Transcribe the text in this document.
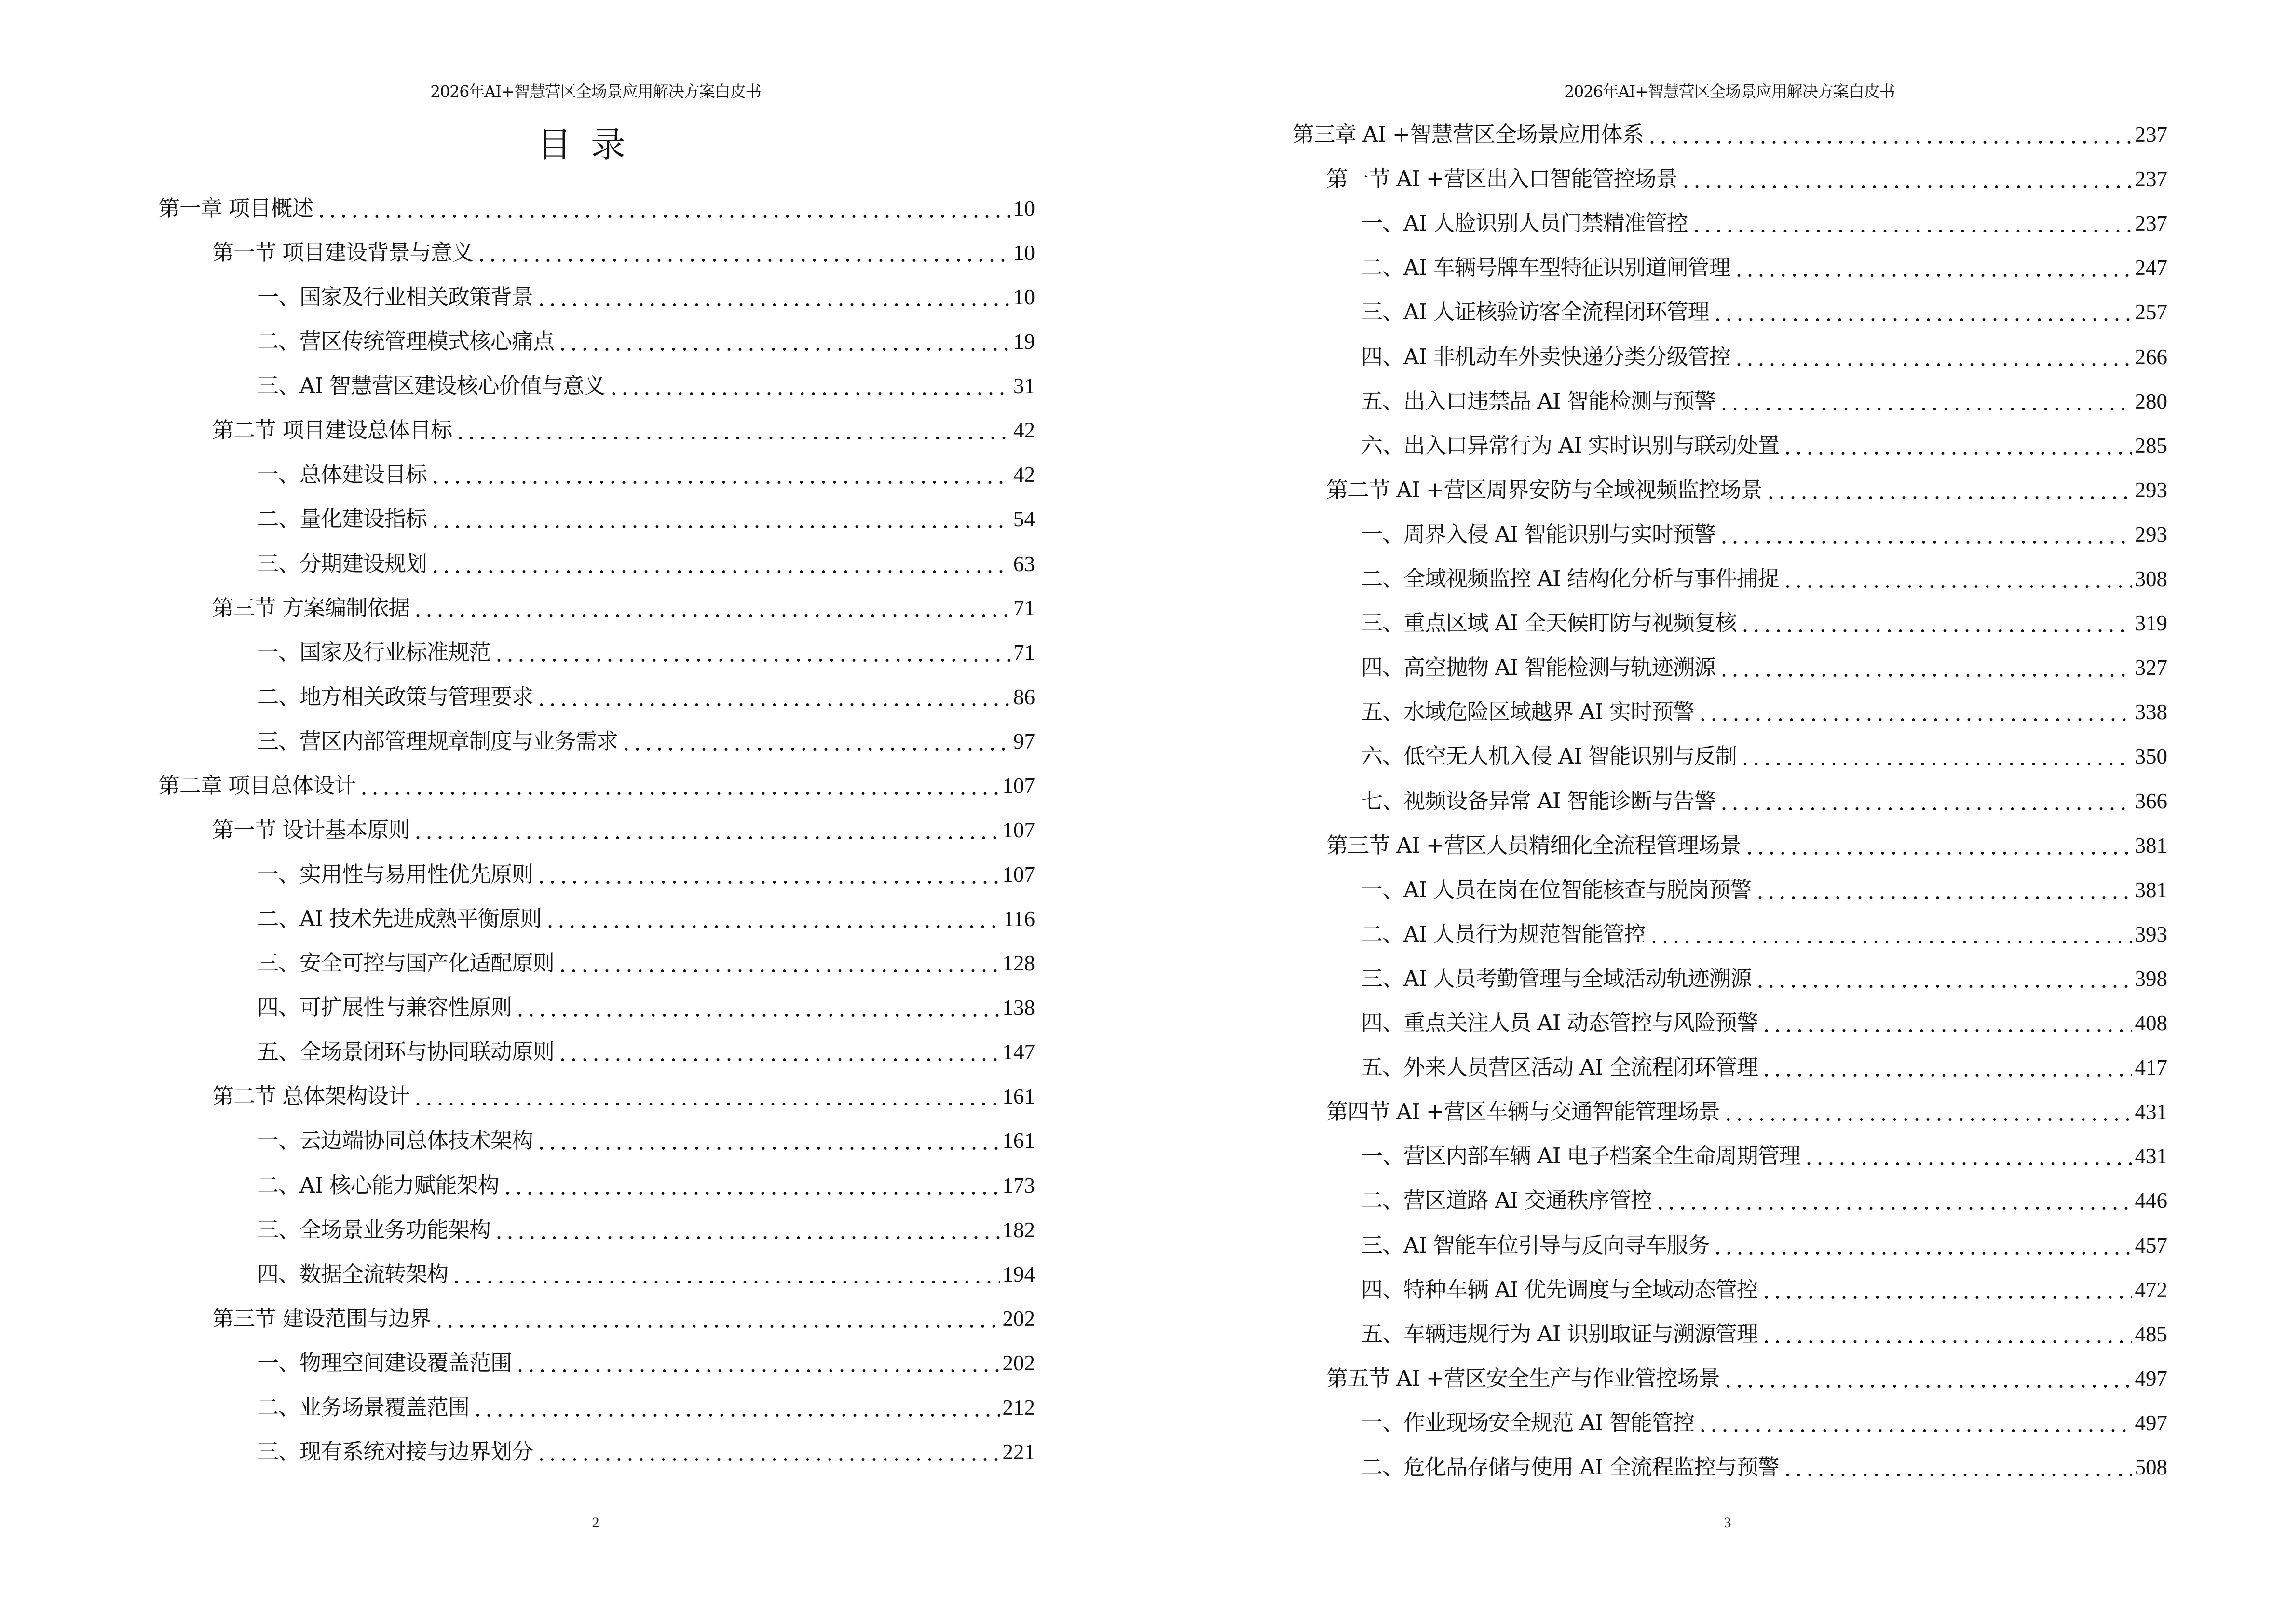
2026年AI+智慧营区全场景应用解决方案白皮书
目录
第一章 项目概述	10
第一节 项目建设背景与意义	10
一、国家及行业相关政策背景	10
二、营区传统管理模式核心痛点	19
三、AI 智慧营区建设核心价值与意义	31
第二节 项目建设总体目标	42
一、总体建设目标	42
二、量化建设指标	54
三、分期建设规划	63
第三节 方案编制依据	71
一、国家及行业标准规范	71
二、地方相关政策与管理要求	86
三、营区内部管理规章制度与业务需求	97
第二章 项目总体设计	107
第一节 设计基本原则	107
一、实用性与易用性优先原则	107
二、AI 技术先进成熟平衡原则	116
三、安全可控与国产化适配原则	128
四、可扩展性与兼容性原则	138
五、全场景闭环与协同联动原则	147
第二节 总体架构设计	161
一、云边端协同总体技术架构	161
二、AI 核心能力赋能架构	173
三、全场景业务功能架构	182
四、数据全流转架构	194
第三节 建设范围与边界	202
一、物理空间建设覆盖范围	202
二、业务场景覆盖范围	212
三、现有系统对接与边界划分	221
2
2026年AI+智慧营区全场景应用解决方案白皮书
第三章 AI +智慧营区全场景应用体系	237
第一节 AI +营区出入口智能管控场景	237
一、AI 人脸识别人员门禁精准管控	237
二、AI 车辆号牌车型特征识别道闸管理	247
三、AI 人证核验访客全流程闭环管理	257
四、AI 非机动车外卖快递分类分级管控	266
五、出入口违禁品 AI 智能检测与预警	280
六、出入口异常行为 AI 实时识别与联动处置	285
第二节 AI +营区周界安防与全域视频监控场景	293
一、周界入侵 AI 智能识别与实时预警	293
二、全域视频监控 AI 结构化分析与事件捕捉	308
三、重点区域 AI 全天候盯防与视频复核	319
四、高空抛物 AI 智能检测与轨迹溯源	327
五、水域危险区域越界 AI 实时预警	338
六、低空无人机入侵 AI 智能识别与反制	350
七、视频设备异常 AI 智能诊断与告警	366
第三节 AI +营区人员精细化全流程管理场景	381
一、AI 人员在岗在位智能核查与脱岗预警	381
二、AI 人员行为规范智能管控	393
三、AI 人员考勤管理与全域活动轨迹溯源	398
四、重点关注人员 AI 动态管控与风险预警	408
五、外来人员营区活动 AI 全流程闭环管理	417
第四节 AI +营区车辆与交通智能管理场景	431
一、营区内部车辆 AI 电子档案全生命周期管理	431
二、营区道路 AI 交通秩序管控	446
三、AI 智能车位引导与反向寻车服务	457
四、特种车辆 AI 优先调度与全域动态管控	472
五、车辆违规行为 AI 识别取证与溯源管理	485
第五节 AI +营区安全生产与作业管控场景	497
一、作业现场安全规范 AI 智能管控	497
二、危化品存储与使用 AI 全流程监控与预警	508
3
